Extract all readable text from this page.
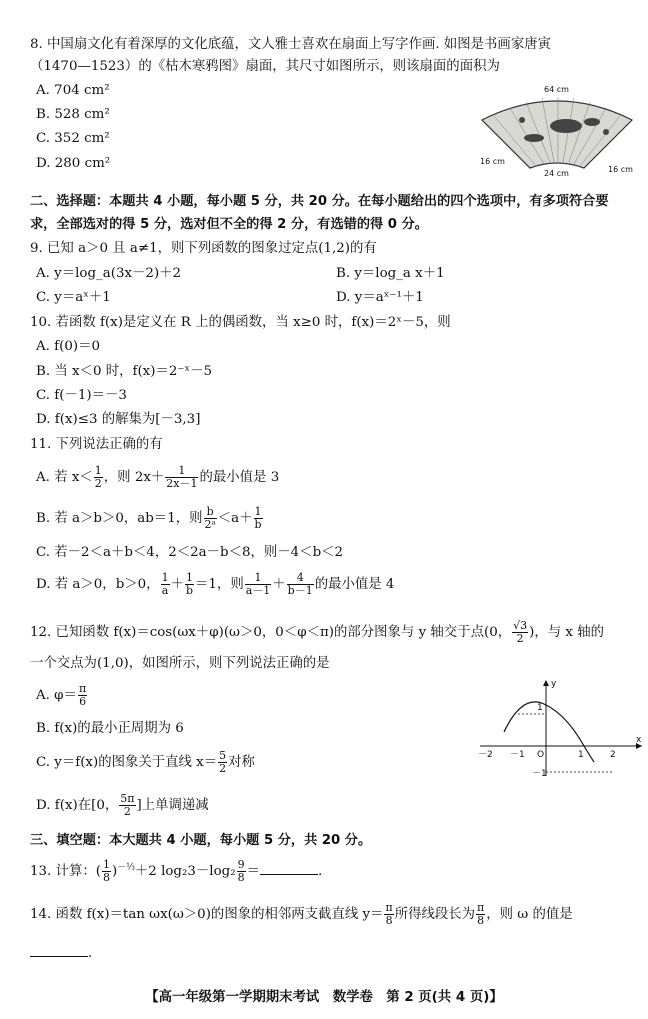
8. 中国扇文化有着深厚的文化底蕴，文人雅士喜欢在扇面上写字作画. 如图是书画家唐寅
（1470—1523）的《枯木寒鸦图》扇面，其尺寸如图所示，则该扇面的面积为
A. 704 cm²
B. 528 cm²
C. 352 cm²
D. 280 cm²
64 cm
16 cm
24 cm	16 cm
二、选择题：本题共 4 小题，每小题 5 分，共 20 分。在每小题给出的四个选项中，有多项符合要
求，全部选对的得 5 分，选对但不全的得 2 分，有选错的得 0 分。
9. 已知 a＞0 且 a≠1，则下列函数的图象过定点(1,2)的有
A. y＝log_a(3x－2)＋2	B. y＝log_a x＋1
C. y＝aˣ＋1	D. y＝aˣ⁻¹＋1
10. 若函数 f(x)是定义在 R 上的偶函数，当 x≥0 时，f(x)＝2ˣ－5，则
A. f(0)＝0
B. 当 x＜0 时，f(x)＝2⁻ˣ－5
C. f(－1)＝－3
D. f(x)≤3 的解集为[－3,3]
11. 下列说法正确的有
A. 若 $x< \frac{1}{2}$ ，则 $2x+ \frac{1}{2x-1}$ 的最小值是 3
B. 若 a＞b＞0，ab＝1，则 $\frac{b}{\text{2ᵃ}} <a+ \frac{1}{b}$
C. 若－2＜a＋b＜4，2＜2a－b＜8，则－4＜b＜2
D. 若 a＞0，b＞0， $\frac{1}{a} + \frac{1}{b} =1$，则 $\frac{1}{a-1} + \frac{4}{b-1}$ 的最小值是 4
12. 已知函数 f(x)＝cos(ωx＋φ)(ω＞0，0＜φ＜π)的部分图象与 y 轴交于点(0， $\frac{√3}{2}$ )，与 x 轴的
一个交点为(1,0)，如图所示，则下列说法正确的是
A. $\varphi= \frac{\pi}{6}$
B. f(x)的最小正周期为 6
C. y＝f(x)的图象关于直线 $x= \frac{5}{2}$ 对称
D. f(x)在[0， $\frac{5\pi}{2}$ ]上单调递减
y
x
O
－2 －1	1	2
1
－1
三、填空题：本大题共 4 小题，每小题 5 分，共 20 分。
13. 计算：( $\frac{1}{8} )^{-\frac{1}{3}}+2$ $\log_23-\log_2 \frac{9}{8}$ ＝	.
14. 函数 f(x)＝tan ωx(ω＞0)的图象的相邻两支截直线 $y= \frac{\pi}{8}$ 所得线段长为 $\frac{\pi}{8}$ ，则 ω 的值是
.
【高一年级第一学期期末考试　数学卷　第 2 页(共 4 页)】
